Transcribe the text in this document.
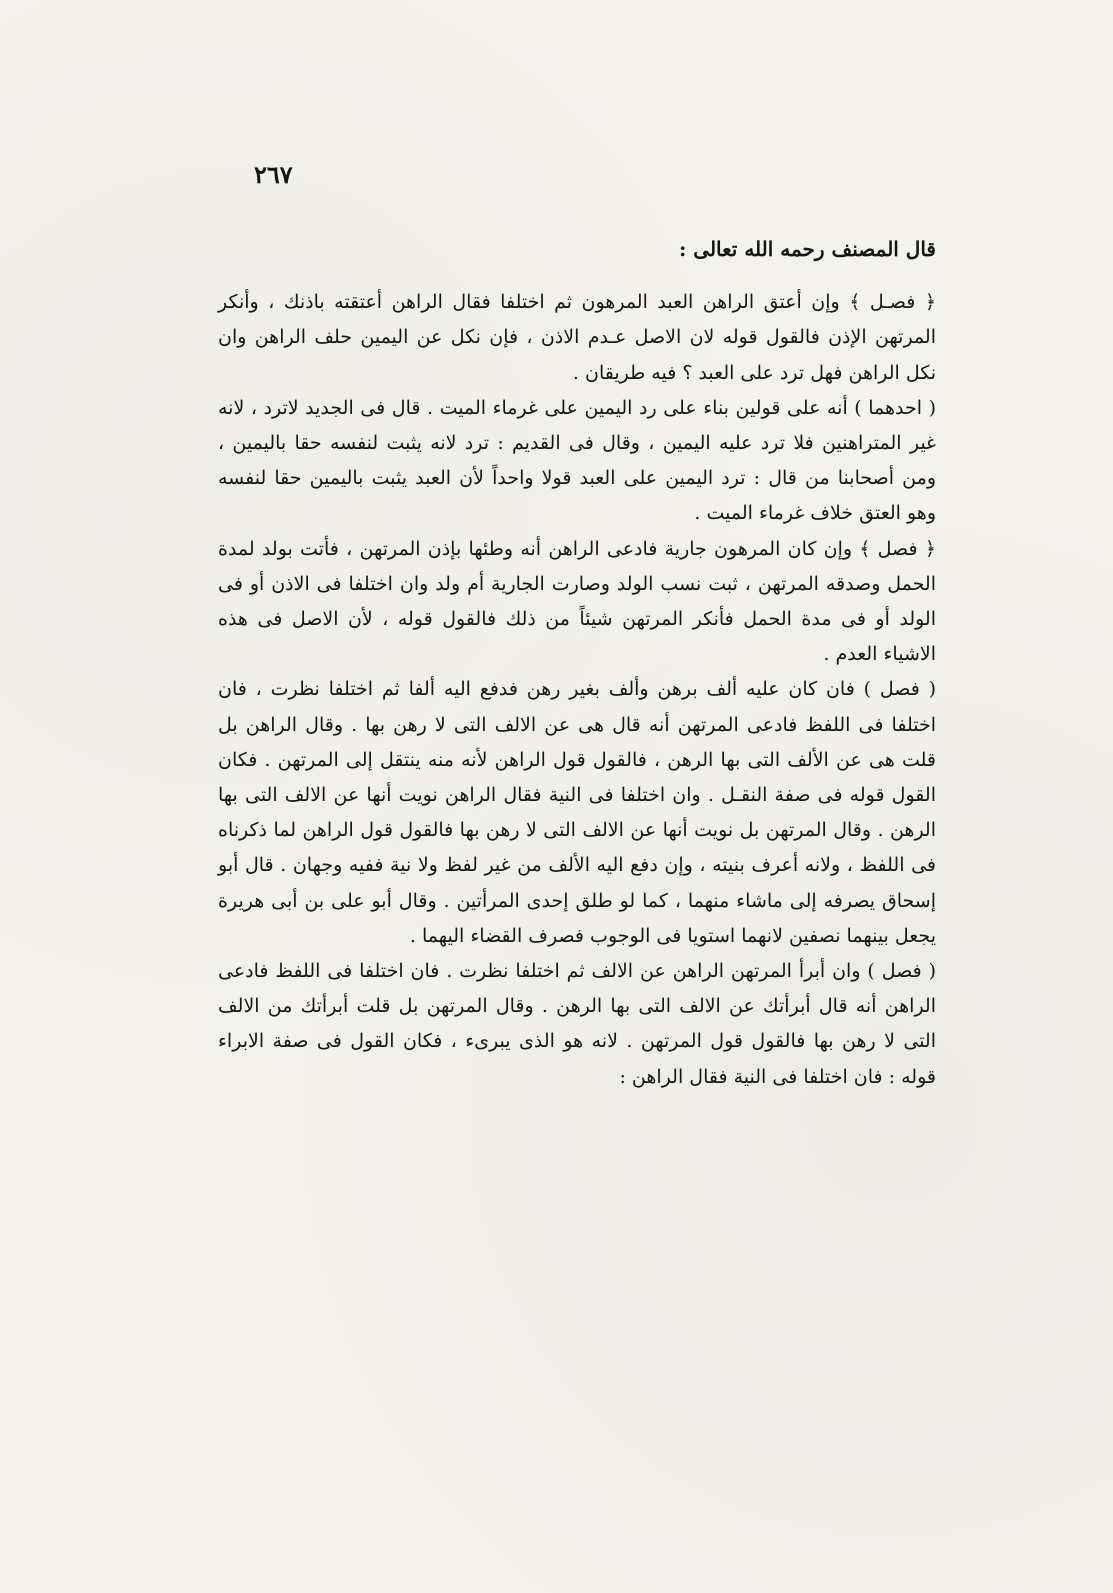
٢٦٧

قال المصنف رحمه الله تعالى :

﴿ فصـل ﴾ وإن أعتق الراهن العبد المرهون ثم اختلفا فقال الراهن أعتقته باذنك ، وأنكر المرتهن الإذن فالقول قوله لان الاصل عـدم الاذن ، فإن نكل عن اليمين حلف الراهن وان نكل الراهن فهل ترد على العبد ؟ فيه طريقان .

( احدهما ) أنه على قولين بناء على رد اليمين على غرماء الميت . قال فى الجديد لاترد ، لانه غير المتراهنين فلا ترد عليه اليمين ، وقال فى القديم : ترد لانه يثبت لنفسه حقا باليمين ، ومن أصحابنا من قال : ترد اليمين على العبد قولا واحداً لأن العبد يثبت باليمين حقا لنفسه وهو العتق خلاف غرماء الميت .

﴿ فصل ﴾ وإن كان المرهون جارية فادعى الراهن أنه وطئها بإذن المرتهن ، فأتت بولد لمدة الحمل وصدقه المرتهن ، ثبت نسب الولد وصارت الجارية أم ولد وان اختلفا فى الاذن أو فى الولد أو فى مدة الحمل فأنكر المرتهن شيئاً من ذلك فالقول قوله ، لأن الاصل فى هذه الاشياء العدم .

( فصل ) فان كان عليه ألف برهن وألف بغير رهن فدفع اليه ألفا ثم اختلفا نظرت ، فان اختلفا فى اللفظ فادعى المرتهن أنه قال هى عن الالف التى لا رهن بها . وقال الراهن بل قلت هى عن الألف التى بها الرهن ، فالقول قول الراهن لأنه منه ينتقل إلى المرتهن . فكان القول قوله فى صفة النقـل . وان اختلفا فى النية فقال الراهن نويت أنها عن الالف التى بها الرهن . وقال المرتهن بل نويت أنها عن الالف التى لا رهن بها فالقول قول الراهن لما ذكرناه فى اللفظ ، ولانه أعرف بنيته ، وإن دفع اليه الألف من غير لفظ ولا نية ففيه وجهان . قال أبو إسحاق يصرفه إلى ماشاء منهما ، كما لو طلق إحدى المرأتين . وقال أبو على بن أبى هريرة يجعل بينهما نصفين لانهما استويا فى الوجوب فصرف القضاء اليهما .

( فصل ) وان أبرأ المرتهن الراهن عن الالف ثم اختلفا نظرت . فان اختلفا فى اللفظ فادعى الراهن أنه قال أبرأتك عن الالف التى بها الرهن . وقال المرتهن بل قلت أبرأتك من الالف التى لا رهن بها فالقول قول المرتهن . لانه هو الذى يبرىء ، فكان القول فى صفة الابراء قوله : فان اختلفا فى النية فقال الراهن :
